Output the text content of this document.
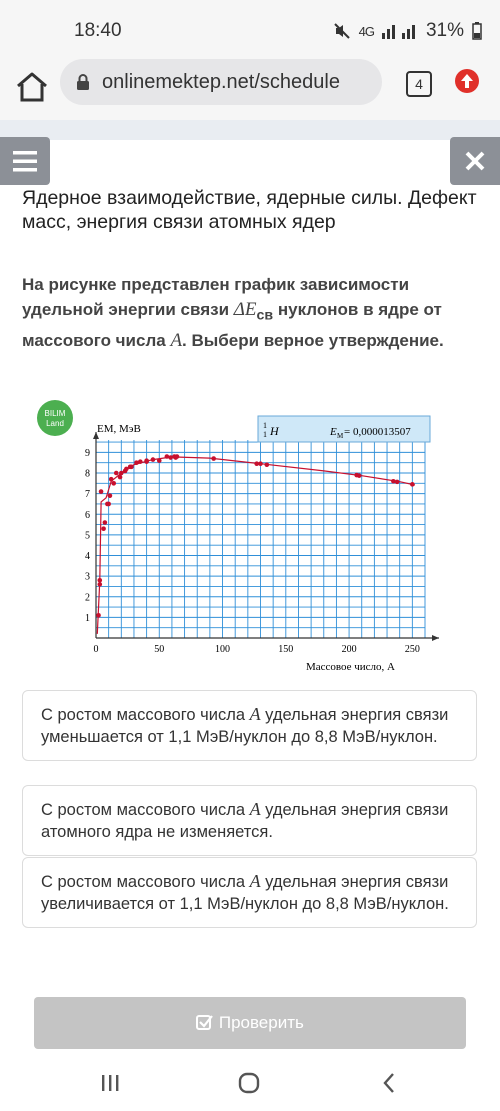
18:40	4G	31%
onlinemektep.net/schedule	4
Ядерное взаимодействие, ядерные силы. Дефект масс, энергия связи атомных ядер
На рисунке представлен график зависимости удельной энергии связи $\Delta E_{св}$ нуклонов в ядре от массового числа A. Выбери верное утверждение.
0	50	100	150	200	250
1
2
3
4
5
6
7
8
9
1
1 H	E М = 0,000013507
EМ, МэВ
Массовое число, A
BILIM
Land
С ростом массового числа A удельная энергия связи уменьшается от 1,1 МэВ/нуклон до 8,8 МэВ/нуклон.
С ростом массового числа A удельная энергия связи атомного ядра не изменяется.
С ростом массового числа A удельная энергия связи увеличивается от 1,1 МэВ/нуклон до 8,8 МэВ/нуклон.
Проверить
